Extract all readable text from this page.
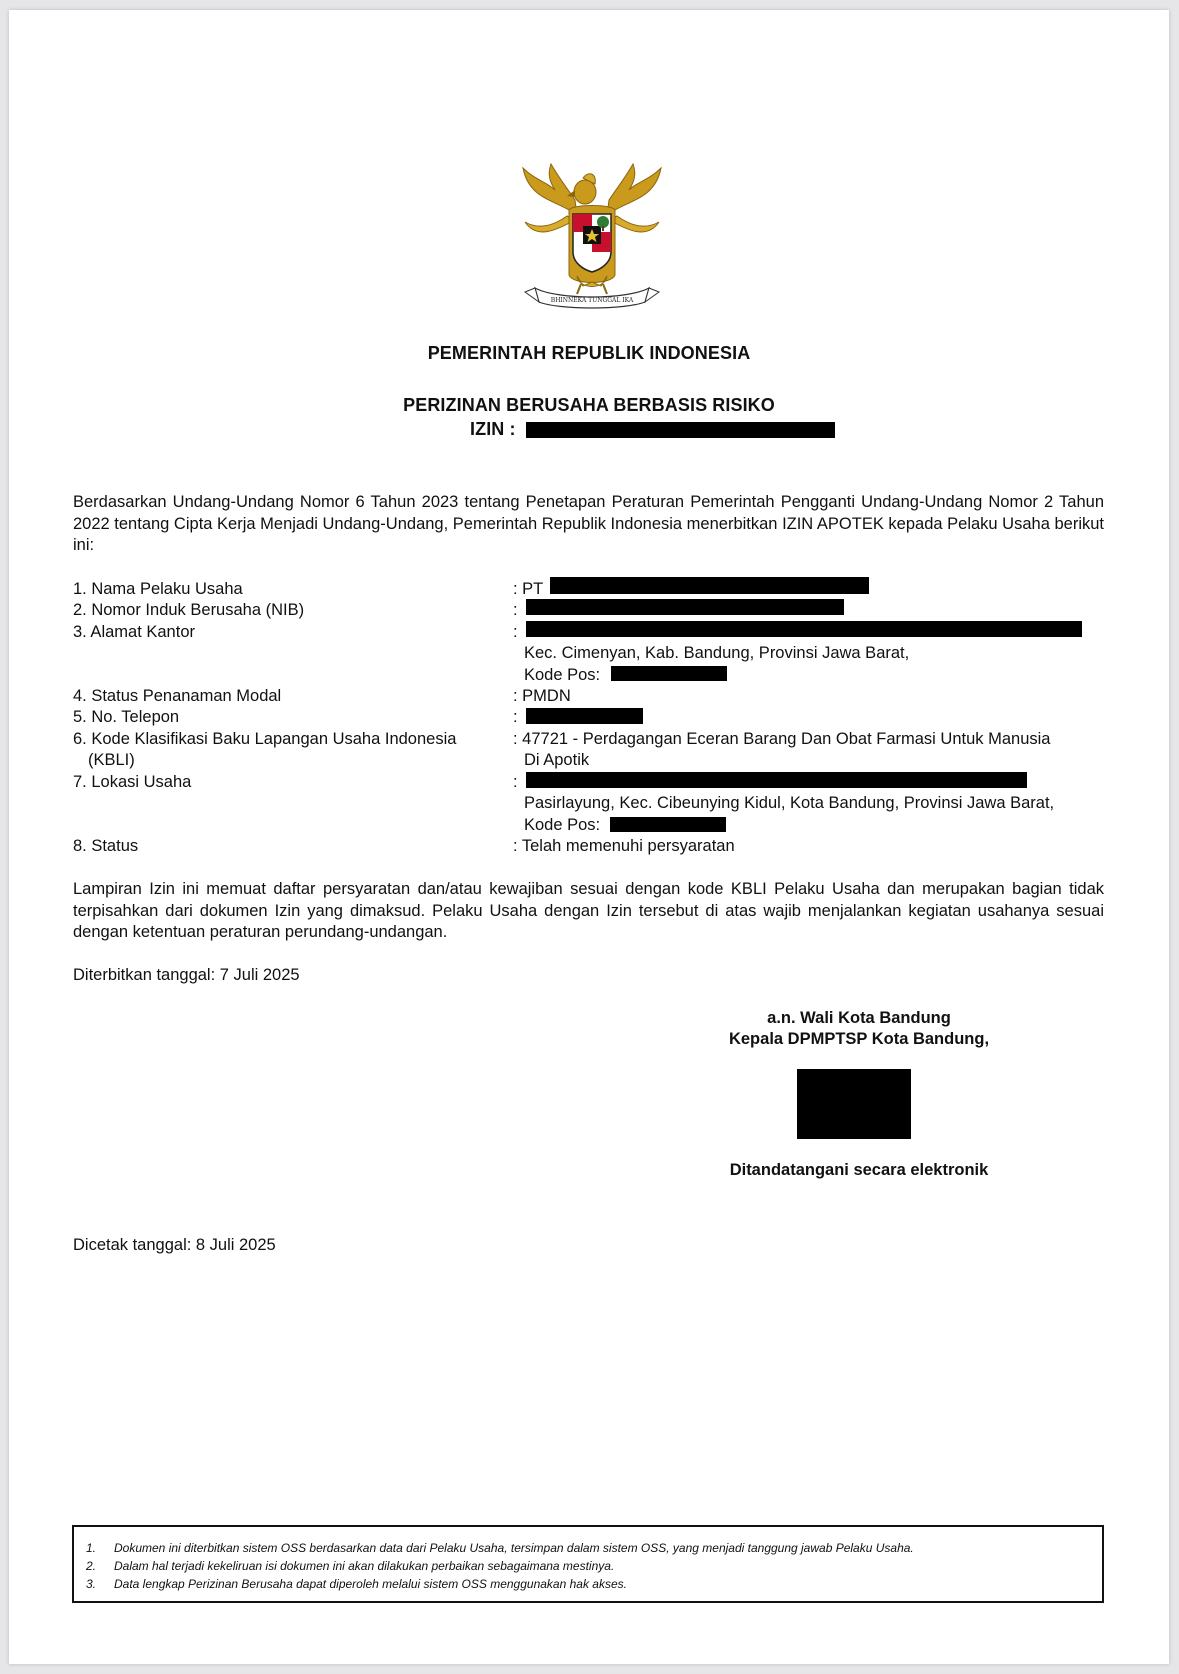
BHINNEKA TUNGGAL IKA
PEMERINTAH REPUBLIK INDONESIA
PERIZINAN BERUSAHA BERBASIS RISIKO
IZIN :
Berdasarkan Undang-Undang Nomor 6 Tahun 2023 tentang Penetapan Peraturan Pemerintah Pengganti Undang-Undang Nomor 2 Tahun 2022 tentang Cipta Kerja Menjadi Undang-Undang, Pemerintah Republik Indonesia menerbitkan IZIN APOTEK kepada Pelaku Usaha berikut ini:
1. Nama Pelaku Usaha	: PT
2. Nomor Induk Berusaha (NIB)	:
3. Alamat Kantor	:
Kec. Cimenyan, Kab. Bandung, Provinsi Jawa Barat,
Kode Pos:
4. Status Penanaman Modal	: PMDN
5. No. Telepon	:
6. Kode Klasifikasi Baku Lapangan Usaha Indonesia
(KBLI)
: 47721 - Perdagangan Eceran Barang Dan Obat Farmasi Untuk Manusia
Di Apotik
7. Lokasi Usaha	:
Pasirlayung, Kec. Cibeunying Kidul, Kota Bandung, Provinsi Jawa Barat,
Kode Pos:
8. Status	: Telah memenuhi persyaratan
Lampiran Izin ini memuat daftar persyaratan dan/atau kewajiban sesuai dengan kode KBLI Pelaku Usaha dan merupakan bagian tidak terpisahkan dari dokumen Izin yang dimaksud. Pelaku Usaha dengan Izin tersebut di atas wajib menjalankan kegiatan usahanya sesuai dengan ketentuan peraturan perundang-undangan.
Diterbitkan tanggal: 7 Juli 2025
a.n. Wali Kota Bandung
Kepala DPMPTSP Kota Bandung,
Ditandatangani secara elektronik
Dicetak tanggal: 8 Juli 2025
1. Dokumen ini diterbitkan sistem OSS berdasarkan data dari Pelaku Usaha, tersimpan dalam sistem OSS, yang menjadi tanggung jawab Pelaku Usaha.
2. Dalam hal terjadi kekeliruan isi dokumen ini akan dilakukan perbaikan sebagaimana mestinya.
3. Data lengkap Perizinan Berusaha dapat diperoleh melalui sistem OSS menggunakan hak akses.
